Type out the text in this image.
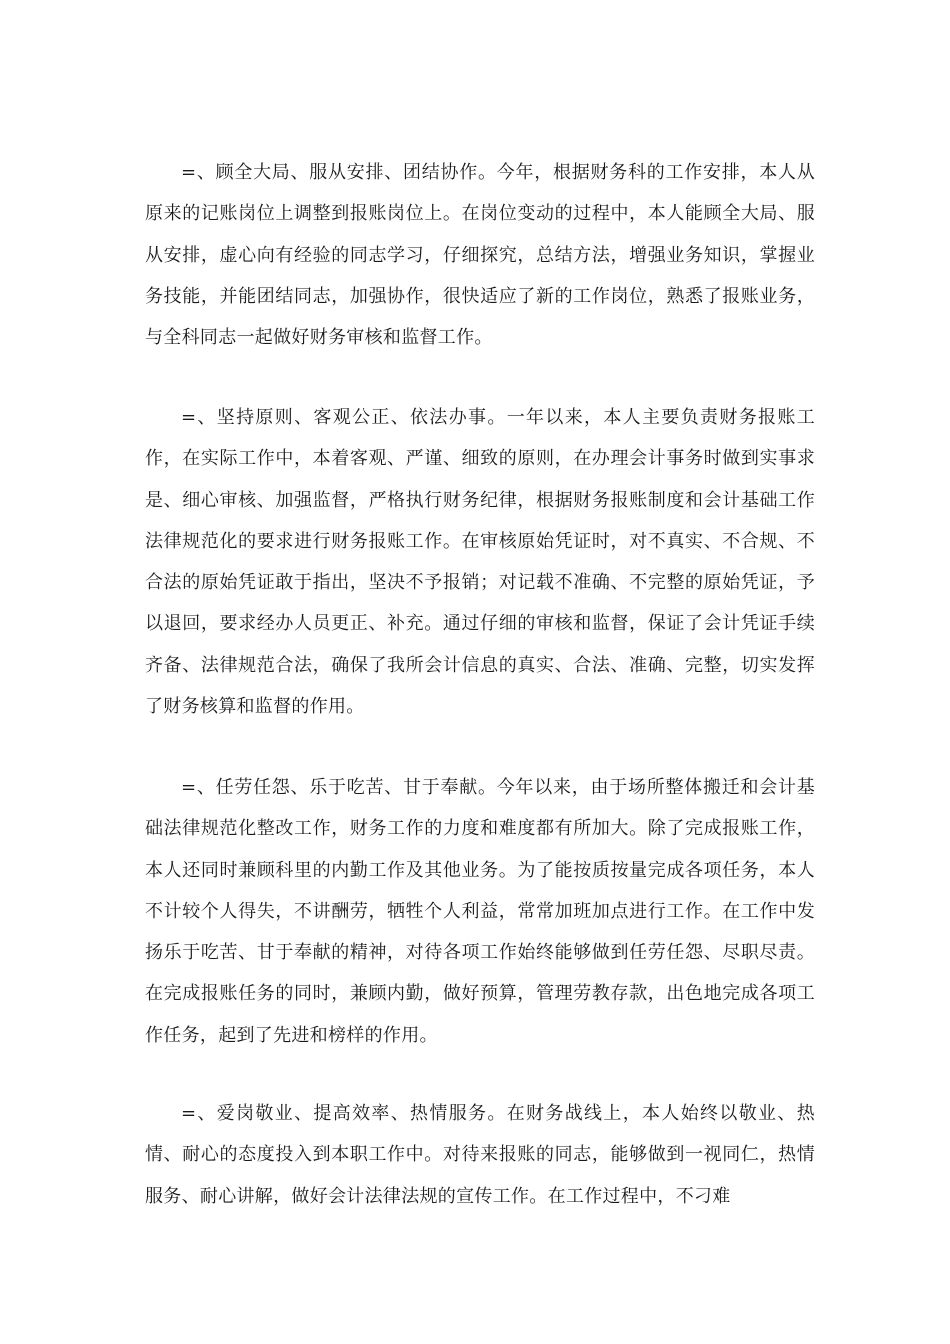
=、顾全大局、服从安排、团结协作。今年，根据财务科的工作安排，本人从原来的记账岗位上调整到报账岗位上。在岗位变动的过程中，本人能顾全大局、服从安排，虚心向有经验的同志学习，仔细探究，总结方法，增强业务知识，掌握业务技能，并能团结同志，加强协作，很快适应了新的工作岗位，熟悉了报账业务，与全科同志一起做好财务审核和监督工作。

=、坚持原则、客观公正、依法办事。一年以来，本人主要负责财务报账工作，在实际工作中，本着客观、严谨、细致的原则，在办理会计事务时做到实事求是、细心审核、加强监督，严格执行财务纪律，根据财务报账制度和会计基础工作法律规范化的要求进行财务报账工作。在审核原始凭证时，对不真实、不合规、不合法的原始凭证敢于指出，坚决不予报销；对记载不准确、不完整的原始凭证，予以退回，要求经办人员更正、补充。通过仔细的审核和监督，保证了会计凭证手续齐备、法律规范合法，确保了我所会计信息的真实、合法、准确、完整，切实发挥了财务核算和监督的作用。

=、任劳任怨、乐于吃苦、甘于奉献。今年以来，由于场所整体搬迁和会计基础法律规范化整改工作，财务工作的力度和难度都有所加大。除了完成报账工作，本人还同时兼顾科里的内勤工作及其他业务。为了能按质按量完成各项任务，本人不计较个人得失，不讲酬劳，牺牲个人利益，常常加班加点进行工作。在工作中发扬乐于吃苦、甘于奉献的精神，对待各项工作始终能够做到任劳任怨、尽职尽责。在完成报账任务的同时，兼顾内勤，做好预算，管理劳教存款，出色地完成各项工作任务，起到了先进和榜样的作用。

=、爱岗敬业、提高效率、热情服务。在财务战线上，本人始终以敬业、热情、耐心的态度投入到本职工作中。对待来报账的同志，能够做到一视同仁，热情服务、耐心讲解，做好会计法律法规的宣传工作。在工作过程中，不刁难
